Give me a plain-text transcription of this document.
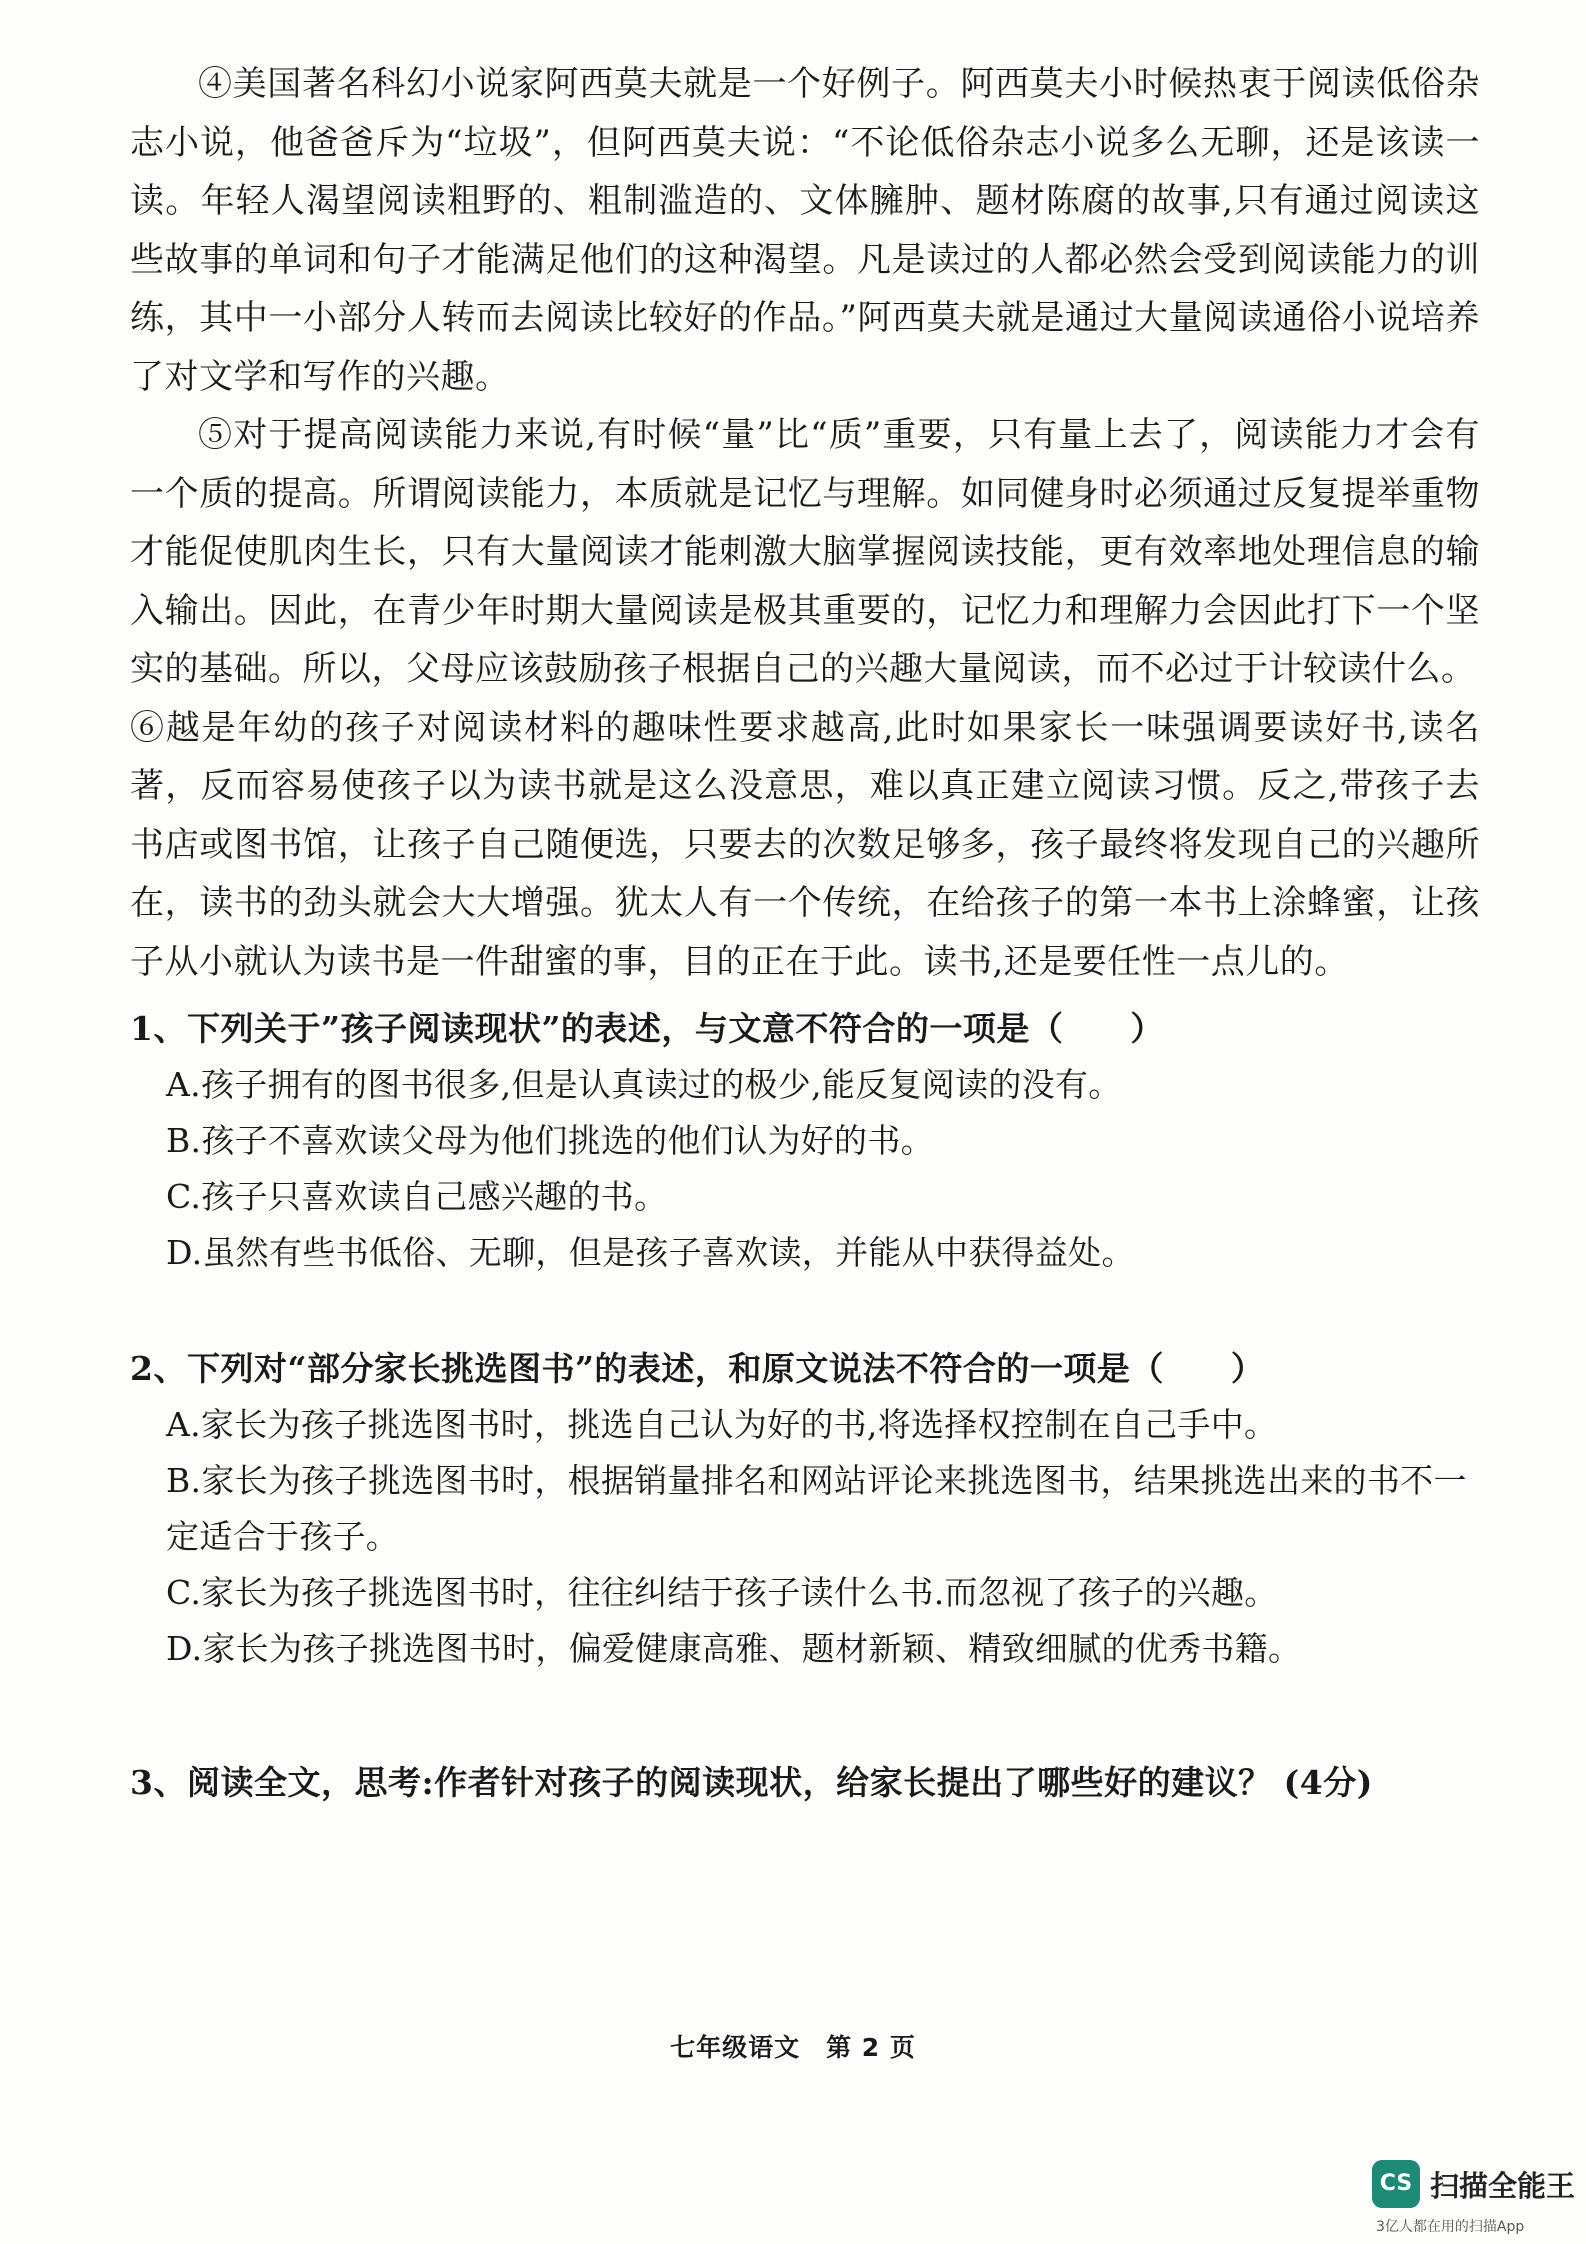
④美国著名科幻小说家阿西莫夫就是一个好例子。阿西莫夫小时候热衷于阅读低俗杂志小说，他爸爸斥为“垃圾”，但阿西莫夫说：“不论低俗杂志小说多么无聊，还是该读一读。年轻人渴望阅读粗野的、粗制滥造的、文体臃肿、题材陈腐的故事,只有通过阅读这些故事的单词和句子才能满足他们的这种渴望。凡是读过的人都必然会受到阅读能力的训练，其中一小部分人转而去阅读比较好的作品。”阿西莫夫就是通过大量阅读通俗小说培养了对文学和写作的兴趣。

⑤对于提高阅读能力来说,有时候“量”比“质”重要，只有量上去了，阅读能力才会有一个质的提高。所谓阅读能力，本质就是记忆与理解。如同健身时必须通过反复提举重物才能促使肌肉生长，只有大量阅读才能刺激大脑掌握阅读技能，更有效率地处理信息的输入输出。因此，在青少年时期大量阅读是极其重要的，记忆力和理解力会因此打下一个坚实的基础。所以，父母应该鼓励孩子根据自己的兴趣大量阅读，而不必过于计较读什么。

⑥越是年幼的孩子对阅读材料的趣味性要求越高,此时如果家长一味强调要读好书,读名著，反而容易使孩子以为读书就是这么没意思，难以真正建立阅读习惯。反之,带孩子去书店或图书馆，让孩子自己随便选，只要去的次数足够多，孩子最终将发现自己的兴趣所在，读书的劲头就会大大增强。犹太人有一个传统，在给孩子的第一本书上涂蜂蜜，让孩子从小就认为读书是一件甜蜜的事，目的正在于此。读书,还是要任性一点儿的。

1、下列关于”孩子阅读现状”的表述，与文意不符合的一项是（　　）

A.孩子拥有的图书很多,但是认真读过的极少,能反复阅读的没有。

B.孩子不喜欢读父母为他们挑选的他们认为好的书。

C.孩子只喜欢读自己感兴趣的书。

D.虽然有些书低俗、无聊，但是孩子喜欢读，并能从中获得益处。

2、下列对“部分家长挑选图书”的表述，和原文说法不符合的一项是（　　）

A.家长为孩子挑选图书时，挑选自己认为好的书,将选择权控制在自己手中。

B.家长为孩子挑选图书时，根据销量排名和网站评论来挑选图书，结果挑选出来的书不一定适合于孩子。

C.家长为孩子挑选图书时，往往纠结于孩子读什么书.而忽视了孩子的兴趣。

D.家长为孩子挑选图书时，偏爱健康高雅、题材新颖、精致细腻的优秀书籍。

3、阅读全文，思考:作者针对孩子的阅读现状，给家长提出了哪些好的建议？ (4分)

七年级语文　第 2 页
CS 扫描全能王
3亿人都在用的扫描App
